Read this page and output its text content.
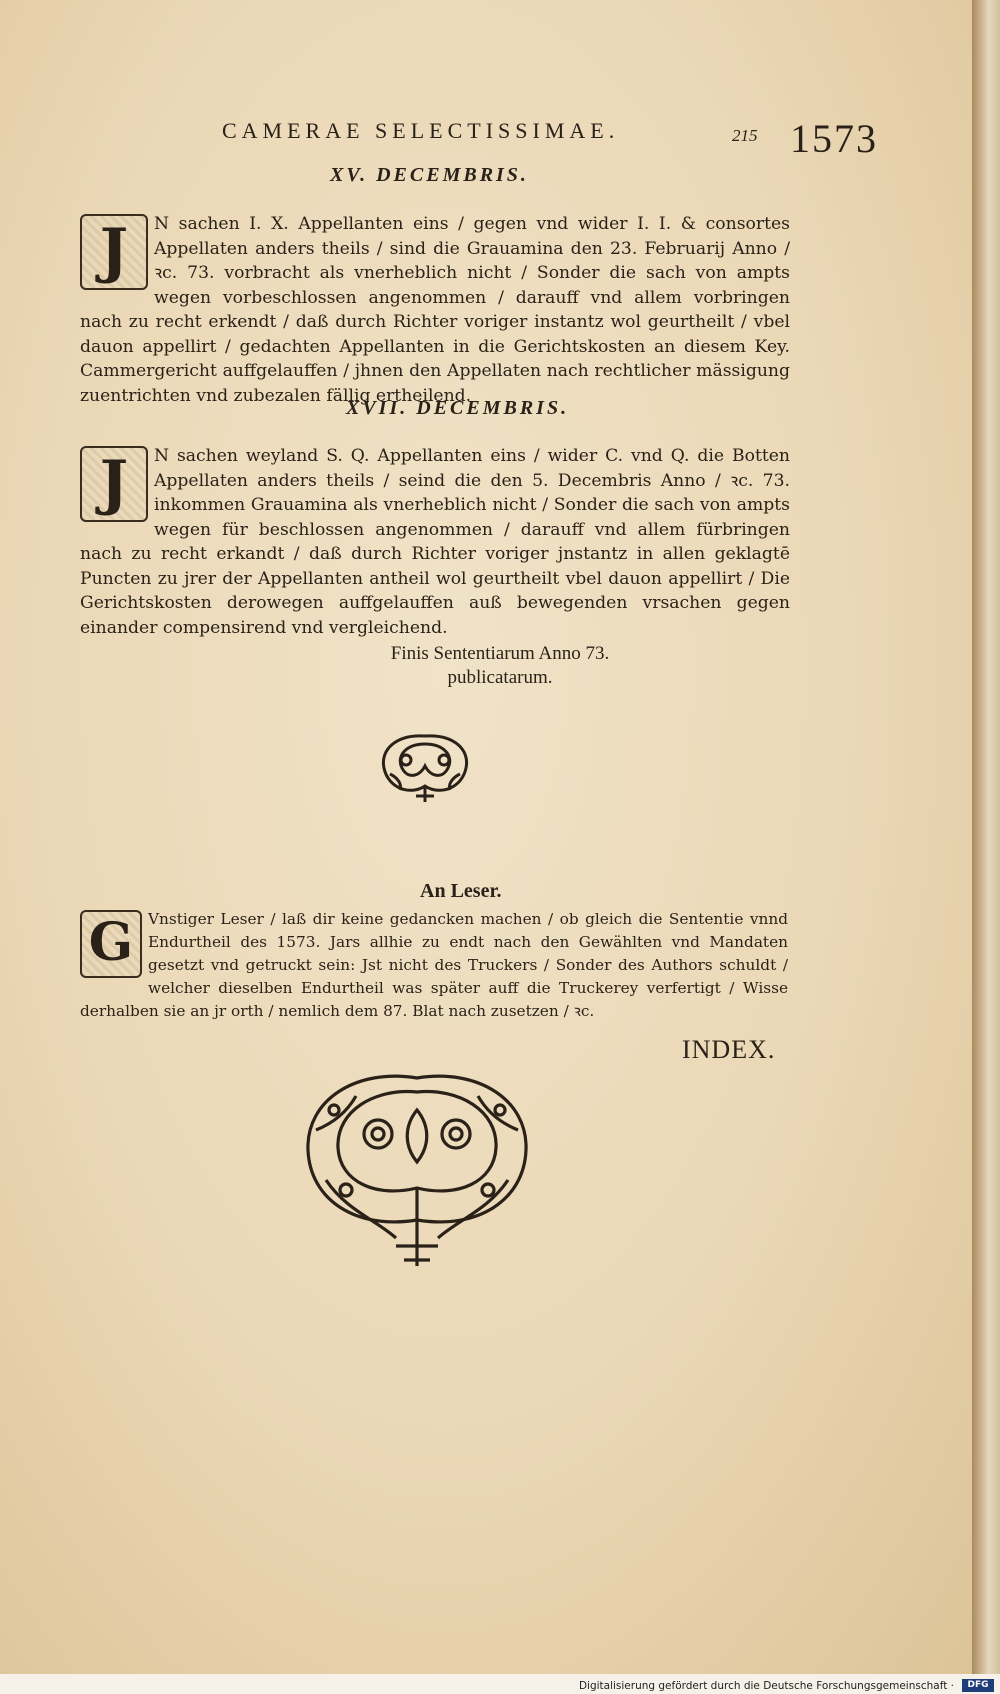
CAMERAE SELECTISSIMAE.	215 1573
XV. DECEMBRIS.
J	N sachen I. X. Appellanten eins / gegen vnd wider I. I. & consortes Appellaten anders theils / sind die Grauamina den 23. Februarij Anno / ꝛc. 73. vorbracht als vnerheblich nicht / Sonder die sach von ampts wegen vorbeschlossen angenommen / darauff vnd allem vorbringen nach zu recht erkendt / daß durch Richter voriger instantz wol geurtheilt / vbel dauon appellirt / gedachten Appellanten in die Gerichtskosten an diesem Key. Cammergericht auffgelauffen / jhnen den Appellaten nach rechtlicher mässigung zuentrichten vnd zubezalen fällig ertheilend.

XVII. DECEMBRIS.
J	N sachen weyland S. Q. Appellanten eins / wider C. vnd Q. die Botten Appellaten anders theils / seind die den 5. Decembris Anno / ꝛc. 73. inkommen Grauamina als vnerheblich nicht / Sonder die sach von ampts wegen für beschlossen angenommen / darauff vnd allem fürbringen nach zu recht erkandt / daß durch Richter voriger jnstantz in allen geklagtē Puncten zu jrer der Appellanten antheil wol geurtheilt vbel dauon appellirt / Die Gerichtskosten derowegen auffgelauffen auß bewegenden vrsachen gegen einander compensirend vnd vergleichend.

Finis Sententiarum Anno 73.
publicatarum.
An Leser.
G Vnstiger Leser / laß dir keine gedancken machen / ob gleich die Sententie vnnd Endurtheil des 1573. Jars allhie zu endt nach den Gewählten vnd Mandaten gesetzt vnd getruckt sein: Jst nicht des Truckers / Sonder des Authors schuldt / welcher dieselben Endurtheil was später auff die Truckerey verfertigt / Wisse derhalben sie an jr orth / nemlich dem 87. Blat nach zusetzen / ꝛc.

INDEX.
Digitalisierung gefördert durch die Deutsche Forschungsgemeinschaft ·	DFG
